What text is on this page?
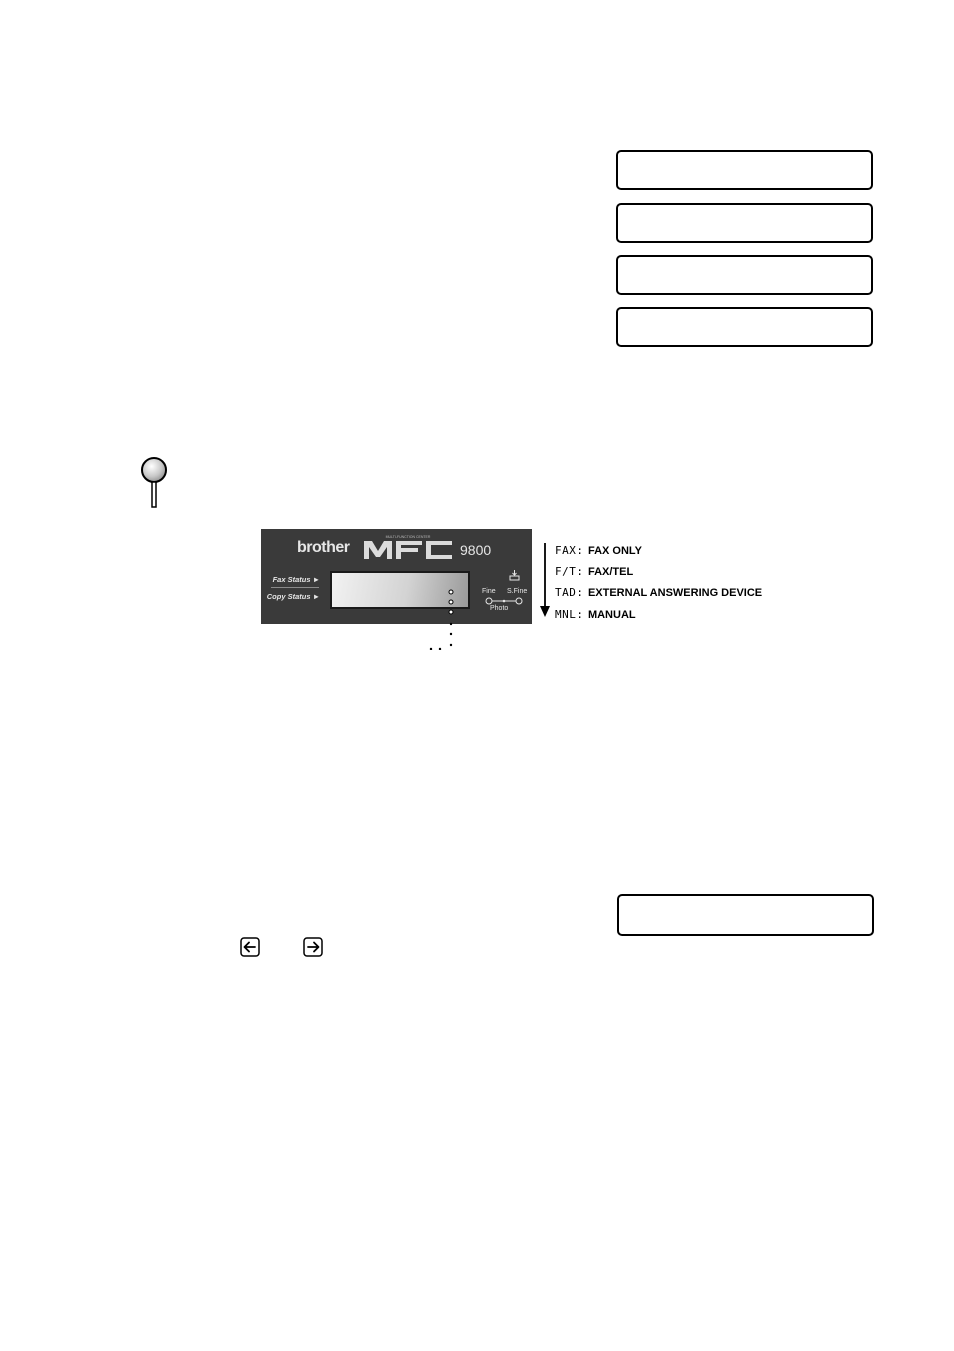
brother
MULTI-FUNCTION CENTER
9800
Fax Status ►
Copy Status ►
Fine S.Fine
Photo
FAX: FAX ONLY
F/T: FAX/TEL
TAD: EXTERNAL ANSWERING DEVICE
MNL: MANUAL
